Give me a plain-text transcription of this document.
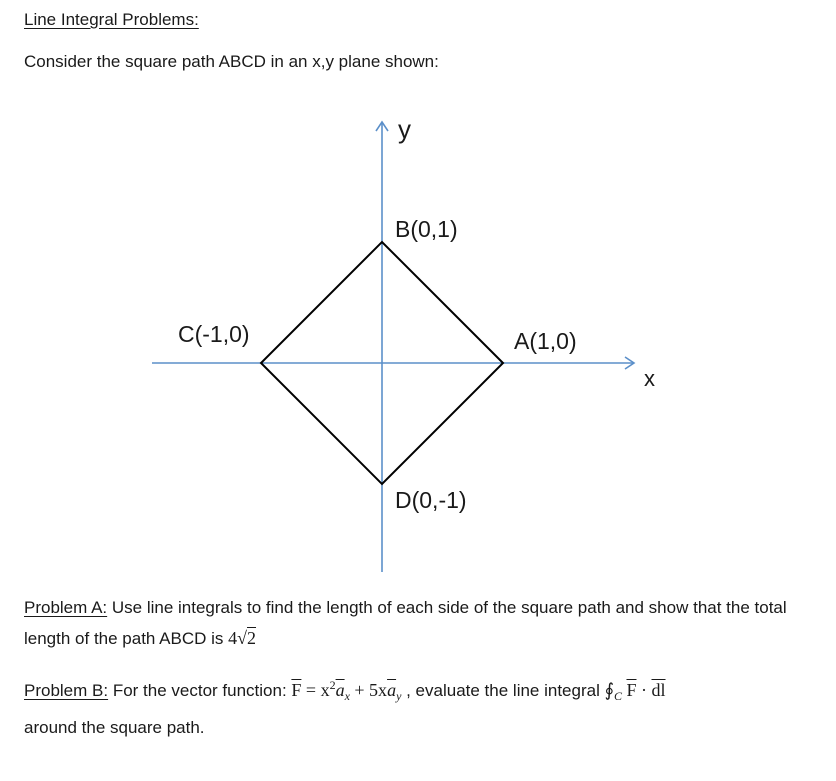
Line Integral Problems:
Consider the square path ABCD in an x,y plane shown:
y
x
B(0,1)
C(-1,0)	A(1,0)
D(0,-1)
Problem A: Use line integrals to find the length of each side of the square path and show that the total length of the path ABCD is 4√2
Problem B: For the vector function: $\overline{F} = x^2\overline{a}_x + 5x\overline{a}_y$ , evaluate the line integral $∮_C$ $\overline{F} \cdot \overline{dl}$
around the square path.
